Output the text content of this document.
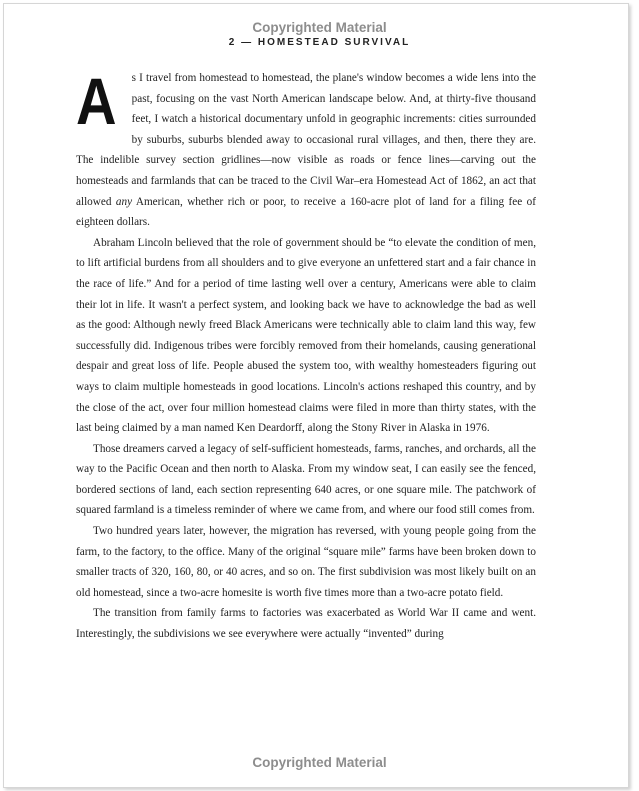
Copyrighted Material
2 — HOMESTEAD SURVIVAL

A s I travel from homestead to homestead, the plane's window becomes a wide lens into the past, focusing on the vast North American landscape below. And, at thirty-five thousand feet, I watch a historical documentary unfold in geographic increments: cities surrounded by suburbs, suburbs blended away to occasional rural villages, and then, there they are. The indelible survey section gridlines—now visible as roads or fence lines—carving out the homesteads and farmlands that can be traced to the Civil War–era Homestead Act of 1862, an act that allowed any American, whether rich or poor, to receive a 160-acre plot of land for a filing fee of eighteen dollars.

Abraham Lincoln believed that the role of government should be “to elevate the condition of men, to lift artificial burdens from all shoulders and to give everyone an unfettered start and a fair chance in the race of life.” And for a period of time lasting well over a century, Americans were able to claim their lot in life. It wasn't a perfect system, and looking back we have to acknowledge the bad as well as the good: Although newly freed Black Americans were technically able to claim land this way, few successfully did. Indigenous tribes were forcibly removed from their homelands, causing generational despair and great loss of life. People abused the system too, with wealthy homesteaders figuring out ways to claim multiple homesteads in good locations. Lincoln's actions reshaped this country, and by the close of the act, over four million homestead claims were filed in more than thirty states, with the last being claimed by a man named Ken Deardorff, along the Stony River in Alaska in 1976.

Those dreamers carved a legacy of self-sufficient homesteads, farms, ranches, and orchards, all the way to the Pacific Ocean and then north to Alaska. From my window seat, I can easily see the fenced, bordered sections of land, each section representing 640 acres, or one square mile. The patchwork of squared farmland is a timeless reminder of where we came from, and where our food still comes from.

Two hundred years later, however, the migration has reversed, with young people going from the farm, to the factory, to the office. Many of the original “square mile” farms have been broken down to smaller tracts of 320, 160, 80, or 40 acres, and so on. The first subdivision was most likely built on an old homestead, since a two-acre homesite is worth five times more than a two-acre potato field.

The transition from family farms to factories was exacerbated as World War II came and went. Interestingly, the subdivisions we see everywhere were actually “invented” during

Copyrighted Material
